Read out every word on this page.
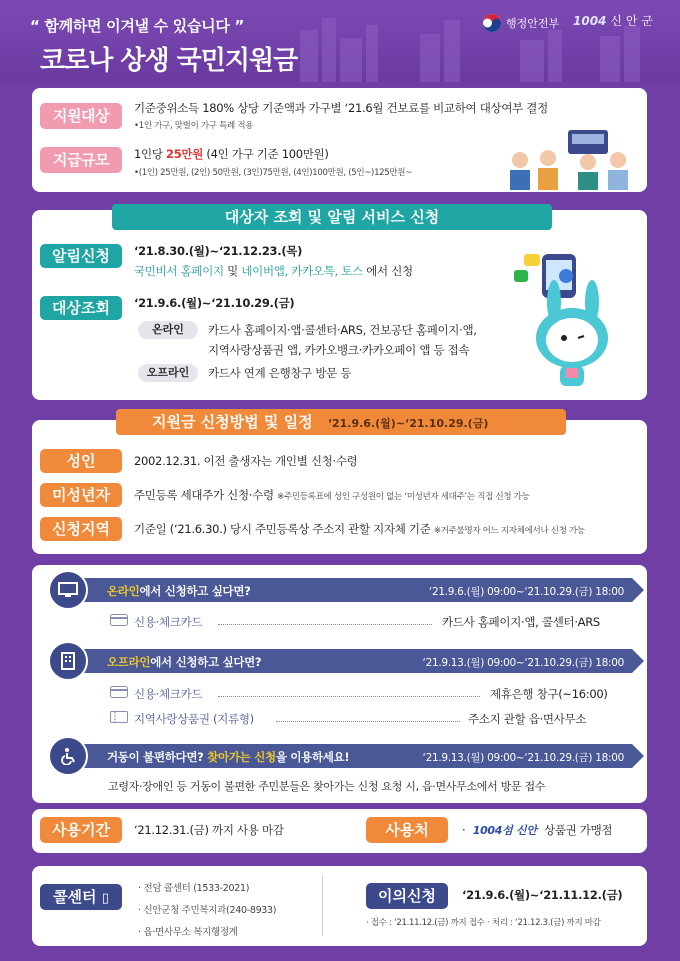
“ 함께하면 이겨낼 수 있습니다 ”
코로나 상생 국민지원금
행정안전부 1004 신 안 군
지원대상	기준중위소득 180% 상당 기준액과 가구별 ‘21.6월 건보료를 비교하여 대상여부 결정
•1인 가구, 맞벌이 가구 특례 적용
지급규모	1인당 25만원 (4인 가구 기준 100만원)
•(1인) 25만원, (2인) 50만원, (3인)75만원, (4인)100만원, (5인~)125만원~
대상자 조회 및 알림 서비스 신청
알림신청	‘21.8.30.(월)~‘21.12.23.(목)
국민비서 홈페이지 및 네이버앱, 카카오톡, 토스 에서 신청
대상조회	‘21.9.6.(월)~‘21.10.29.(금)
온라인	카드사 홈페이지·앱·콜센터·ARS, 건보공단 홈페이지·앱,
지역사랑상품권 앱, 카카오뱅크·카카오페이 앱 등 접속
오프라인	카드사 연계 은행창구 방문 등
지원금 신청방법 및 일정 ‘21.9.6.(월)~‘21.10.29.(금)
성인	2002.12.31. 이전 출생자는 개인별 신청·수령
미성년자	주민등록 세대주가 신청·수령 ※주민등록표에 성인 구성원이 없는 ‘미성년자 세대주’는 직접 신청 가능
신청지역	기준일 (‘21.6.30.) 당시 주민등록상 주소지 관할 지자체 기준 ※거주불명자 어느 지자체에서나 신청 가능
온라인에서 신청하고 싶다면?	‘21.9.6.(월) 09:00~‘21.10.29.(금) 18:00
신용·체크카드	카드사 홈페이지·앱, 콜센터·ARS
오프라인에서 신청하고 싶다면?	‘21.9.13.(월) 09:00~‘21.10.29.(금) 18:00
신용·체크카드	제휴은행 창구(~16:00)
지역사랑상품권 (지류형)	주소지 관할 읍·면사무소
거동이 불편하다면? 찾아가는 신청을 이용하세요!	‘21.9.13.(월) 09:00~‘21.10.29.(금) 18:00
고령자·장애인 등 거동이 불편한 주민분들은 찾아가는 신청 요청 시, 읍·면사무소에서 방문 접수
사용기간	‘21.12.31.(금) 까지 사용 마감	사용처	· 1004섬 신안 상품권 가맹점
콜센터 ▯
· 전담 콜센터 (1533-2021)
· 신안군청 주민복지과(240-8933)
· 읍·면사무소 복지행정계
이의신청	‘21.9.6.(월)~‘21.11.12.(금)
· 접수 : ‘21.11.12.(금) 까지 접수 · 처리 : ‘21.12.3.(금) 까지 마감
